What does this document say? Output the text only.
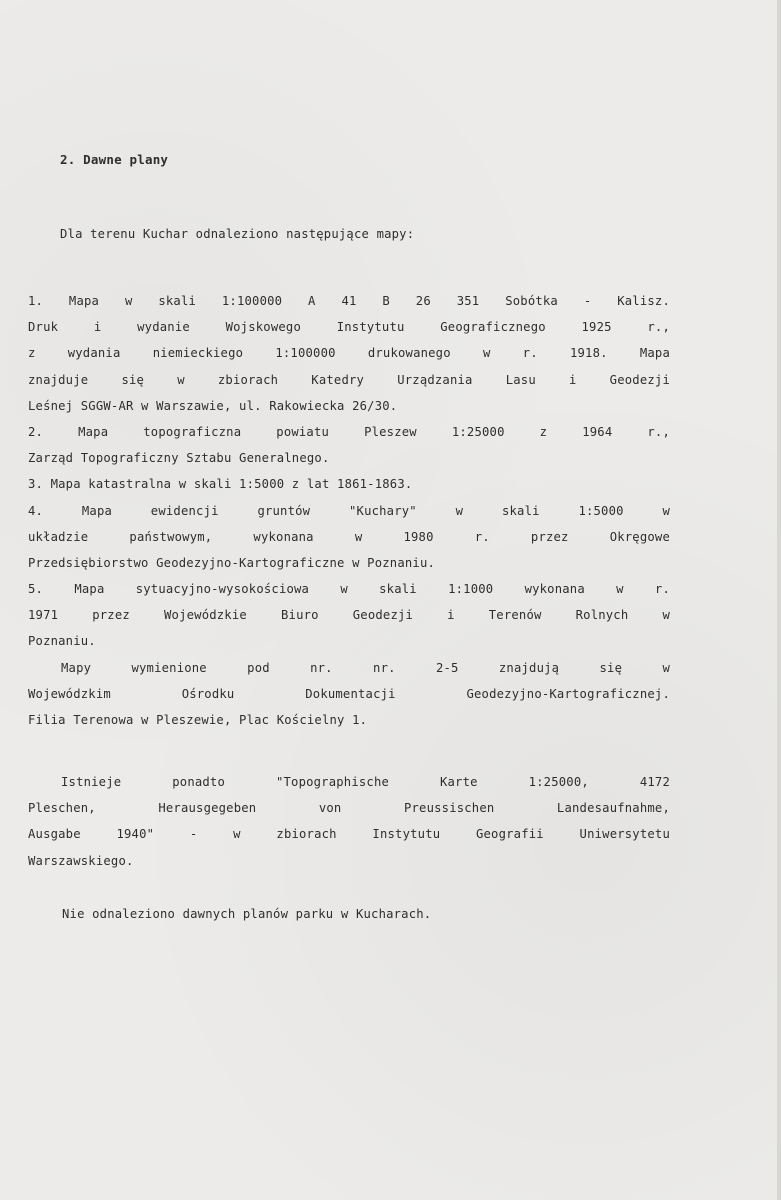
2. Dawne plany
Dla terenu Kuchar odnaleziono następujące mapy:
1. Mapa w skali 1:100000 A 41 B 26 351 Sobótka - Kalisz.
Druk i wydanie Wojskowego Instytutu Geograficznego 1925 r.,
z wydania niemieckiego 1:100000 drukowanego w r. 1918. Mapa
znajduje się w zbiorach Katedry Urządzania Lasu i Geodezji
Leśnej SGGW-AR w Warszawie, ul. Rakowiecka 26/30.
2. Mapa topograficzna powiatu Pleszew 1:25000 z 1964 r.,
Zarząd Topograficzny Sztabu Generalnego.
3. Mapa katastralna w skali 1:5000 z lat 1861-1863.
4. Mapa ewidencji gruntów "Kuchary" w skali 1:5000 w
układzie państwowym, wykonana w 1980 r. przez Okręgowe
Przedsiębiorstwo Geodezyjno-Kartograficzne w Poznaniu.
5. Mapa sytuacyjno-wysokościowa w skali 1:1000 wykonana w r.
1971 przez Wojewódzkie Biuro Geodezji i Terenów Rolnych w
Poznaniu.
Mapy wymienione pod nr. nr. 2-5 znajdują się w
Wojewódzkim Ośrodku Dokumentacji Geodezyjno-Kartograficznej.
Filia Terenowa w Pleszewie, Plac Kościelny 1.
Istnieje ponadto "Topographische Karte 1:25000, 4172
Pleschen, Herausgegeben von Preussischen Landesaufnahme,
Ausgabe 1940" - w zbiorach Instytutu Geografii Uniwersytetu
Warszawskiego.
Nie odnaleziono dawnych planów parku w Kucharach.
